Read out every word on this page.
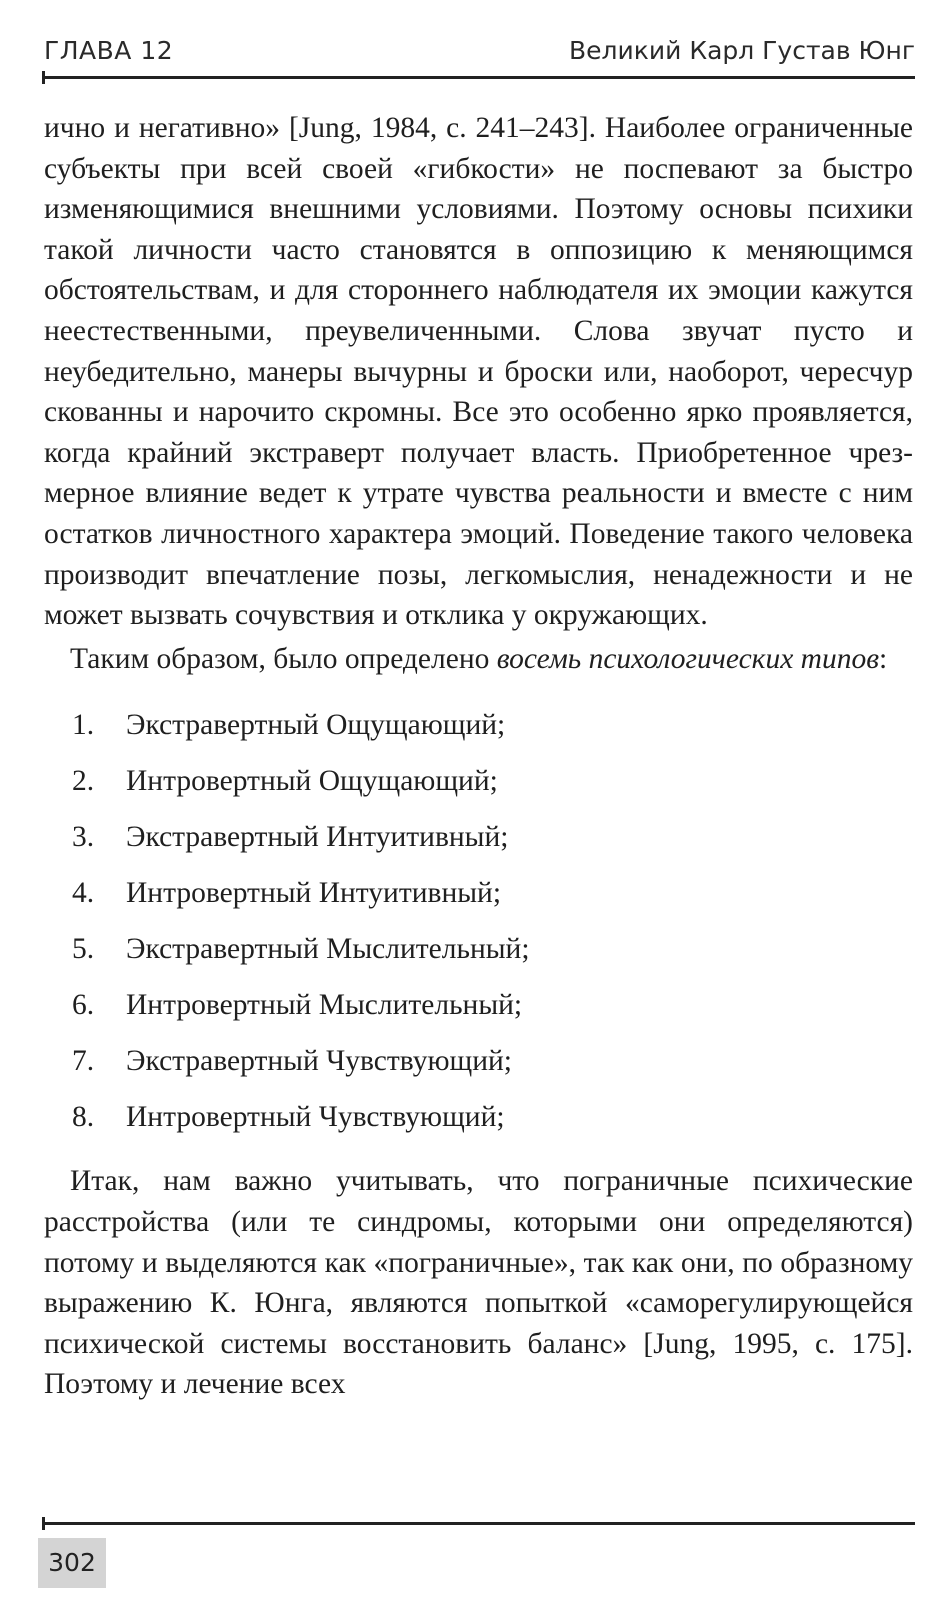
ГЛАВА 12	Великий Карл Густав Юнг

ично и негативно» [Jung, 1984, с. 241–243]. Наиболее ограниченные субъекты при всей своей «гибкости» не поспевают за быстро изменяющимися внешними условиями. Поэтому основы психики такой личности часто становятся в оппозицию к меняющимся обстоятельствам, и для стороннего наблюдателя их эмоции кажутся неестественными, преувеличенными. Слова звучат пусто и неубедительно, манеры вычурны и броски или, наоборот, чересчур скованны и нарочито скромны. Все это особенно ярко проявляется, когда крайний экстраверт получает власть. Приобретенное чрезмерное влияние ведет к утрате чувства реальности и вместе с ним остатков личностного характера эмоций. Поведение такого человека производит впечатление позы, легкомыслия, ненадежности и не может вызвать сочувствия и отклика у окружающих.

Таким образом, было определено восемь психологических типов:

1.	Экстравертный Ощущающий;
2.	Интровертный Ощущающий;
3.	Экстравертный Интуитивный;
4.	Интровертный Интуитивный;
5.	Экстравертный Мыслительный;
6.	Интровертный Мыслительный;
7.	Экстравертный Чувствующий;
8.	Интровертный Чувствующий;

Итак, нам важно учитывать, что пограничные психические расстройства (или те синдромы, которыми они определяются) потому и выделяются как «пограничные», так как они, по образному выражению К. Юнга, являются попыткой «саморегулирующейся психической системы восстановить баланс» [Jung, 1995, с. 175]. Поэтому и лечение всех

302
